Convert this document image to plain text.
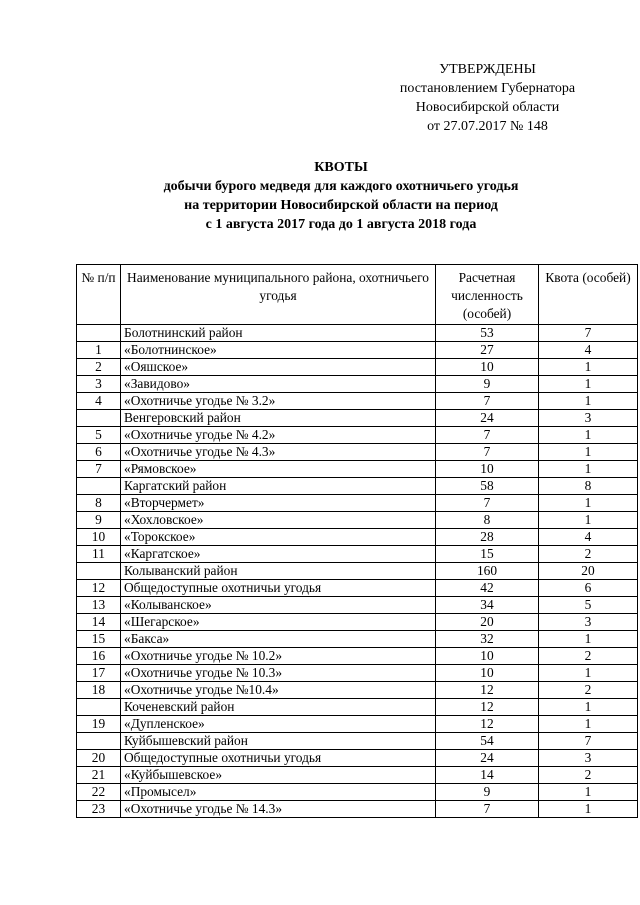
УТВЕРЖДЕНЫ
постановлением Губернатора
Новосибирской области
от 27.07.2017 № 148
КВОТЫ
добычи бурого медведя для каждого охотничьего угодья
на территории Новосибирской области на период
с 1 августа 2017 года до 1 августа 2018 года
№ п/п	Наименование муниципального района, охотничьего угодья	Расчетная численность (особей)	Квота (особей)
	Болотнинский район	53	7
1	«Болотнинское»	27	4
2	«Ояшское»	10	1
3	«Завидово»	9	1
4	«Охотничье угодье № 3.2»	7	1
	Венгеровский район	24	3
5	«Охотничье угодье № 4.2»	7	1
6	«Охотничье угодье № 4.3»	7	1
7	«Рямовское»	10	1
	Каргатский район	58	8
8	«Вторчермет»	7	1
9	«Хохловское»	8	1
10	«Торокское»	28	4
11	«Каргатское»	15	2
	Колыванский район	160	20
12	Общедоступные охотничьи угодья	42	6
13	«Колыванское»	34	5
14	«Шегарское»	20	3
15	«Бакса»	32	1
16	«Охотничье угодье № 10.2»	10	2
17	«Охотничье угодье № 10.3»	10	1
18	«Охотничье угодье №10.4»	12	2
	Коченевский район	12	1
19	«Дупленское»	12	1
	Куйбышевский район	54	7
20	Общедоступные охотничьи угодья	24	3
21	«Куйбышевское»	14	2
22	«Промысел»	9	1
23	«Охотничье угодье № 14.3»	7	1
